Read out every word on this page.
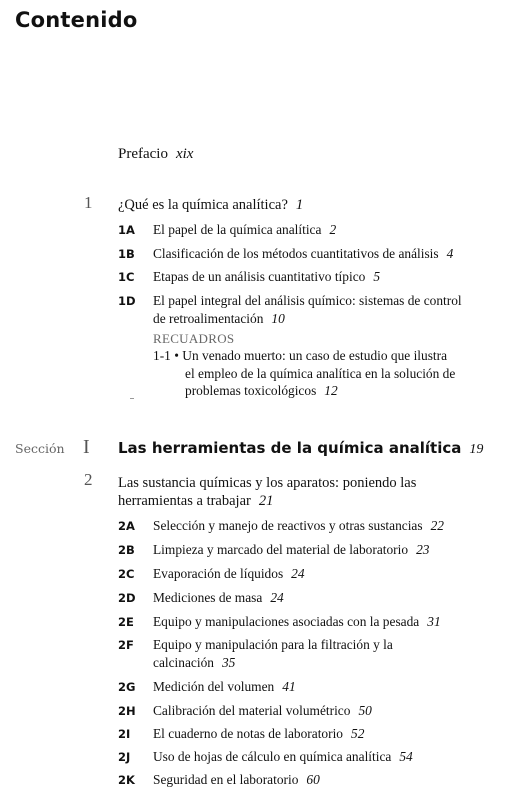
Contenido
Prefacio xix
1 ¿Qué es la química analítica? 1
1A	El papel de la química analítica 2
1B	Clasificación de los métodos cuantitativos de análisis 4
1C	Etapas de un análisis cuantitativo típico 5
1D	El papel integral del análisis químico: sistemas de control
de retroalimentación 10
RECUADROS
1-1 • Un venado muerto: un caso de estudio que ilustra
el empleo de la química analítica en la solución de
problemas toxicológicos 12
Sección I Las herramientas de la química analítica 19
2 Las sustancia químicas y los aparatos: poniendo las
herramientas a trabajar 21
2A	Selección y manejo de reactivos y otras sustancias 22
2B	Limpieza y marcado del material de laboratorio 23
2C	Evaporación de líquidos 24
2D	Mediciones de masa 24
2E	Equipo y manipulaciones asociadas con la pesada 31
2F	Equipo y manipulación para la filtración y la
calcinación 35
2G	Medición del volumen 41
2H	Calibración del material volumétrico 50
2I	El cuaderno de notas de laboratorio 52
2J	Uso de hojas de cálculo en química analítica 54
2K	Seguridad en el laboratorio 60
